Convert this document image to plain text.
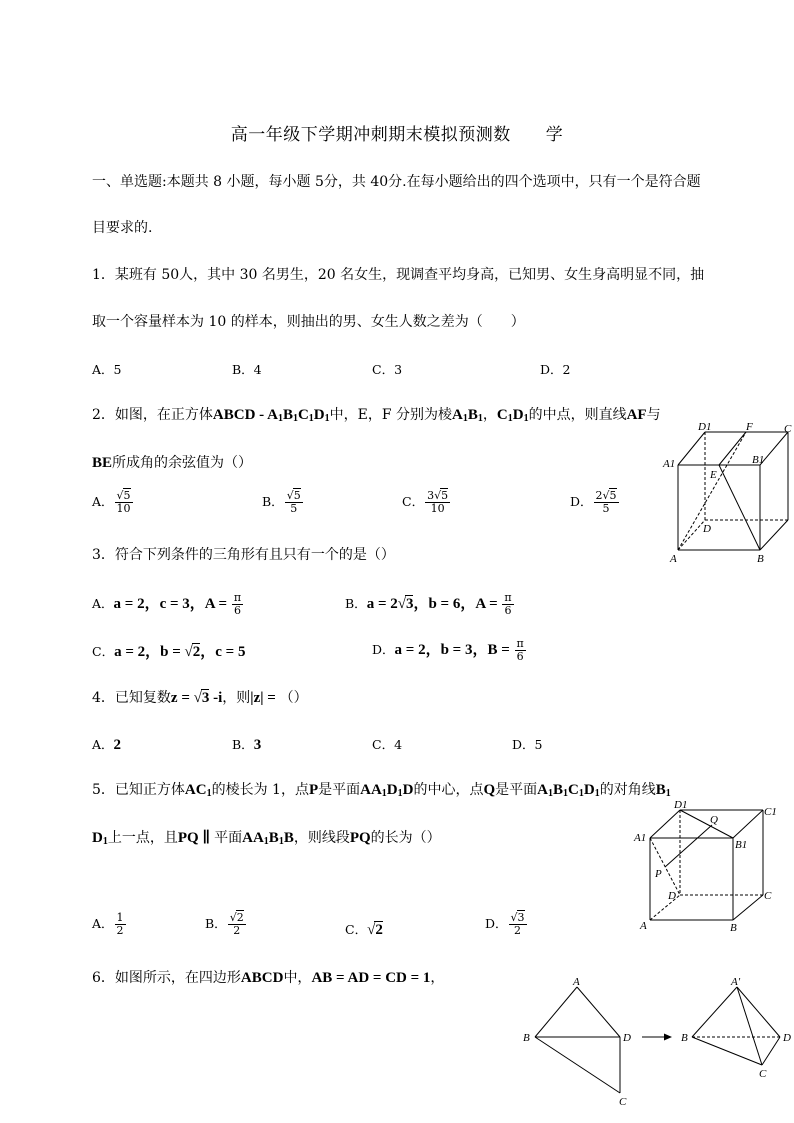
高一年级下学期冲刺期末模拟预测数　　学
一、单选题:本题共 8 小题，每小题 5分，共 40分.在每小题给出的四个选项中，只有一个是符合题
目要求的.
1．某班有 50人，其中 30 名男生，20 名女生，现调查平均身高，已知男、女生身高明显不同，抽
取一个容量样本为 10 的样本，则抽出的男、女生人数之差为（　　）
A．5	B．4	C．3	D．2
2．如图，在正方体ABCD - $A_1B_1C_1D_1$中，E，F 分别为棱$A_1B_1$，$C_1D_1$的中点，则直线AF与
BE所成角的余弦值为（）
A． $\frac{√5}{10}$	B． $\frac{√5}{5}$	C． $\frac{3√5}{10}$	D． $\frac{2√5}{5}$
D1	F	C
A1	B1
E
D
A	B
3．符合下列条件的三角形有且只有一个的是（）
A．a = 2，c = 3，$A = \frac{\pi}{6}$	B．a = 2√3，b = 6，$A = \frac{\pi}{6}$
C．a = 2，b = √2，c = 5	D．a = 2，b = 3，$B = \frac{\pi}{6}$
4．已知复数z = √3 -i，则|z| = （）
A．2	B．3	C．4	D．5
5．已知正方体$AC_1$的棱长为 1，点P是平面$AA_1D_1D$的中心，点Q是平面$A_1B_1C_1D_1$的对角线$B_1$
$D_1$上一点，且PQ ∥ 平面$AA_1B_1B$，则线段PQ的长为（）
A． $\frac{1}{2}$	B． $\frac{√2}{2}$	C．√2	D． $\frac{√3}{2}$
D1
Q
C1
A1
B1
P
D	C
A	B
6．如图所示，在四边形ABCD中，AB = AD = CD = 1，	A
B	D
C
A′
B	D
C
